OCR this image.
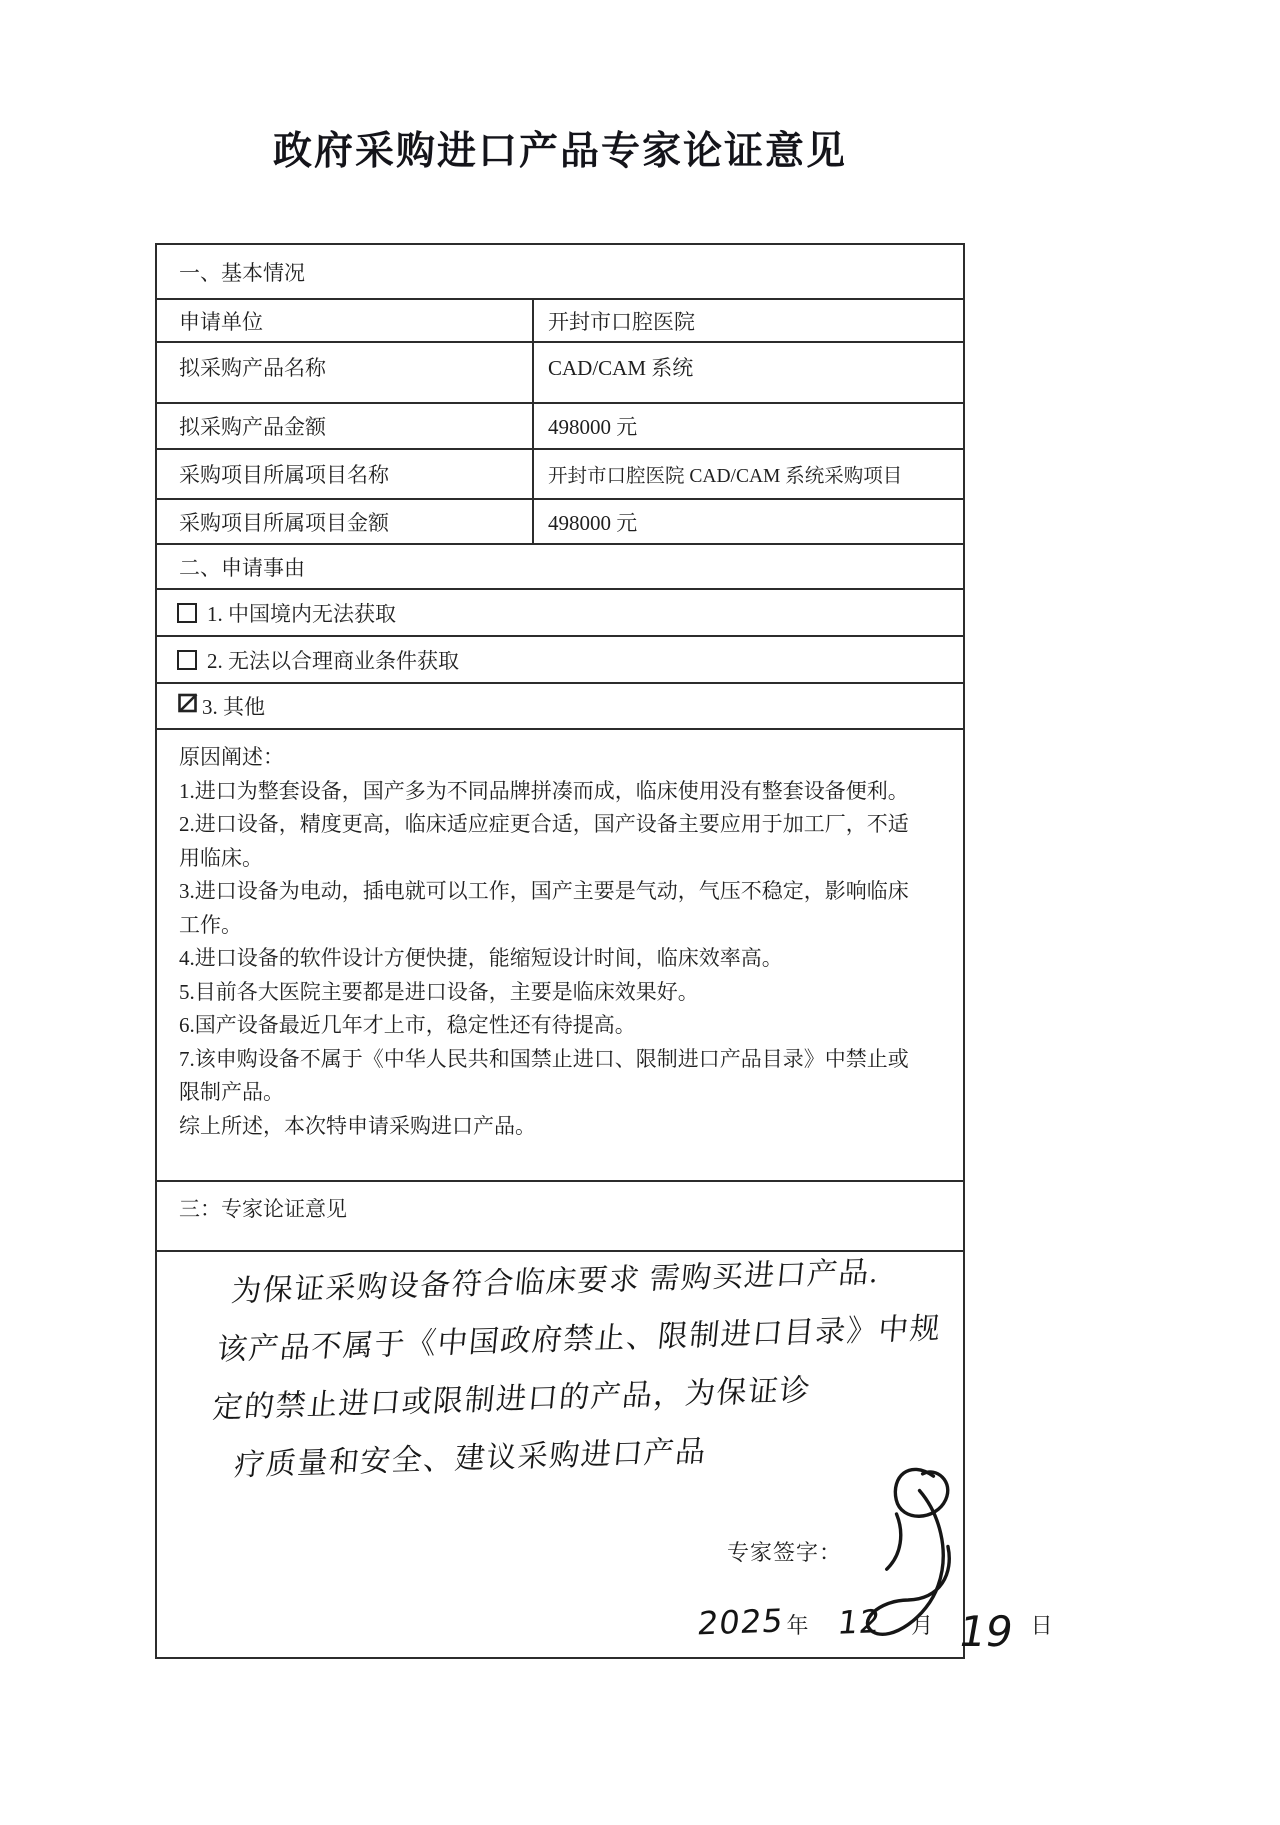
政府采购进口产品专家论证意见
一、基本情况
申请单位	开封市口腔医院
拟采购产品名称	CAD/CAM 系统
拟采购产品金额	498000 元
采购项目所属项目名称	开封市口腔医院 CAD/CAM 系统采购项目
采购项目所属项目金额	498000 元
二、申请事由
1. 中国境内无法获取
2. 无法以合理商业条件获取
3. 其他
原因阐述：
1.进口为整套设备，国产多为不同品牌拼凑而成，临床使用没有整套设备便利。
2.进口设备，精度更高，临床适应症更合适，国产设备主要应用于加工厂，不适
用临床。
3.进口设备为电动，插电就可以工作，国产主要是气动，气压不稳定，影响临床
工作。
4.进口设备的软件设计方便快捷，能缩短设计时间，临床效率高。
5.目前各大医院主要都是进口设备，主要是临床效果好。
6.国产设备最近几年才上市，稳定性还有待提高。
7.该申购设备不属于《中华人民共和国禁止进口、限制进口产品目录》中禁止或
限制产品。
综上所述，本次特申请采购进口产品。
三：专家论证意见
为保证采购设备符合临床要求 需购买进口产品.
该产品不属于《中国政府禁止、限制进口目录》中规
定的禁止进口或限制进口的产品，为保证诊
疗质量和安全、建议采购进口产品
专家签字：
2025年 12 月 19 日
